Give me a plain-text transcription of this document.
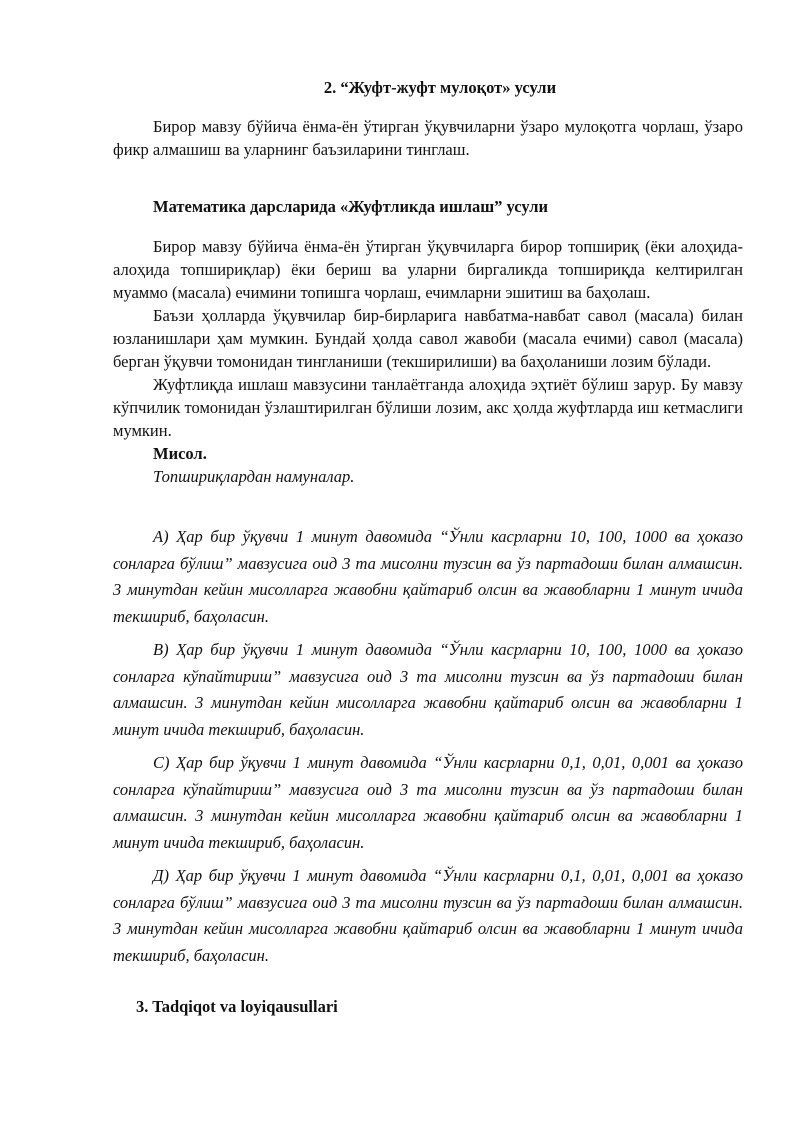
2. “Жуфт-жуфт мулоқот» усули

Бирор мавзу бўйича ёнма-ён ўтирган ўқувчиларни ўзаро мулоқотга чорлаш, ўзаро фикр алмашиш ва уларнинг баъзиларини тинглаш.

Математика дарсларида «Жуфтликда ишлаш” усули

Бирор мавзу бўйича ёнма-ён ўтирган ўқувчиларга бирор топшириқ (ёки алоҳида-алоҳида топшириқлар) ёки бериш ва уларни биргаликда топшириқда келтирилган муаммо (масала) ечимини топишга чорлаш, ечимларни эшитиш ва баҳолаш.

Баъзи ҳолларда ўқувчилар бир-бирларига навбатма-навбат савол (масала) билан юзланишлари ҳам мумкин. Бундай ҳолда савол жавоби (масала ечими) савол (масала) берган ўқувчи томонидан тингланиши (текширилиши) ва баҳоланиши лозим бўлади.

Жуфтлиқда ишлаш мавзусини танлаётганда алоҳида эҳтиёт бўлиш зарур. Бу мавзу кўпчилик томонидан ўзлаштирилган бўлиши лозим, акс ҳолда жуфтларда иш кетмаслиги мумкин.

Мисол.

Топшириқлардан намуналар.

А) Ҳар бир ўқувчи 1 минут давомида “Ўнли касрларни 10, 100, 1000 ва ҳоказо сонларга бўлиш” мавзусига оид 3 та мисолни тузсин ва ўз партадоши билан алмашсин. 3 минутдан кейин мисолларга жавобни қайтариб олсин ва жавобларни 1 минут ичида текшириб, баҳоласин.

В) Ҳар бир ўқувчи 1 минут давомида “Ўнли касрларни 10, 100, 1000 ва ҳоказо сонларга кўпайтириш” мавзусига оид 3 та мисолни тузсин ва ўз партадоши билан алмашсин. 3 минутдан кейин мисолларга жавобни қайтариб олсин ва жавобларни 1 минут ичида текшириб, баҳоласин.

С) Ҳар бир ўқувчи 1 минут давомида “Ўнли касрларни 0,1, 0,01, 0,001 ва ҳоказо сонларга кўпайтириш” мавзусига оид 3 та мисолни тузсин ва ўз партадоши билан алмашсин. 3 минутдан кейин мисолларга жавобни қайтариб олсин ва жавобларни 1 минут ичида текшириб, баҳоласин.

Д) Ҳар бир ўқувчи 1 минут давомида “Ўнли касрларни 0,1, 0,01, 0,001 ва ҳоказо сонларга бўлиш” мавзусига оид 3 та мисолни тузсин ва ўз партадоши билан алмашсин. 3 минутдан кейин мисолларга жавобни қайтариб олсин ва жавобларни 1 минут ичида текшириб, баҳоласин.

3. Tadqiqot va loyiqausullari
